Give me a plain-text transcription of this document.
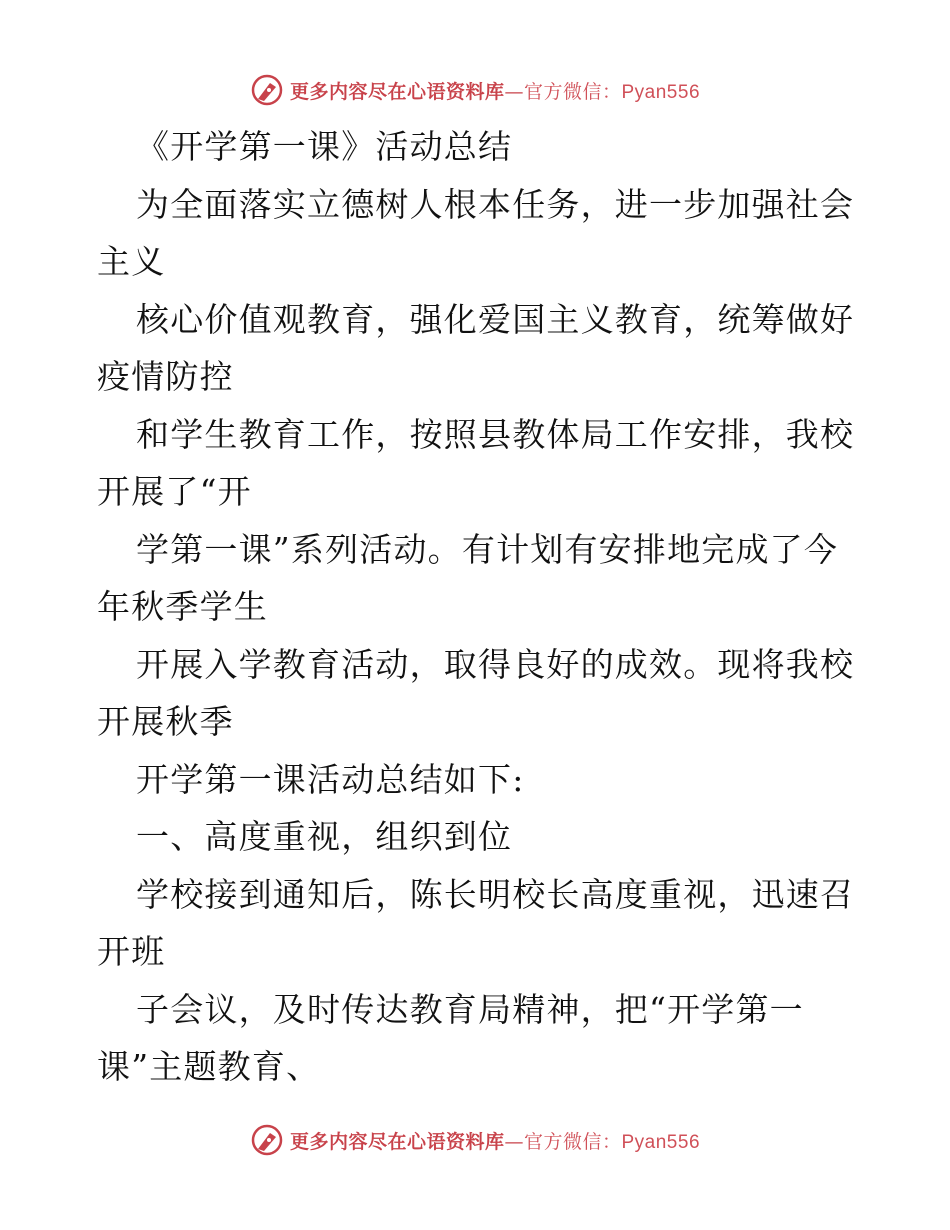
更多内容尽在心语资料库—官方微信：Pyan556
《开学第一课》活动总结
为全面落实立德树人根本任务，进一步加强社会
主义
核心价值观教育，强化爱国主义教育，统筹做好
疫情防控
和学生教育工作，按照县教体局工作安排，我校
开展了“开
学第一课”系列活动。有计划有安排地完成了今
年秋季学生
开展入学教育活动，取得良好的成效。现将我校
开展秋季
开学第一课活动总结如下:
一、高度重视，组织到位
学校接到通知后，陈长明校长高度重视，迅速召
开班
子会议，及时传达教育局精神，把“开学第一
课”主题教育、
更多内容尽在心语资料库—官方微信：Pyan556
